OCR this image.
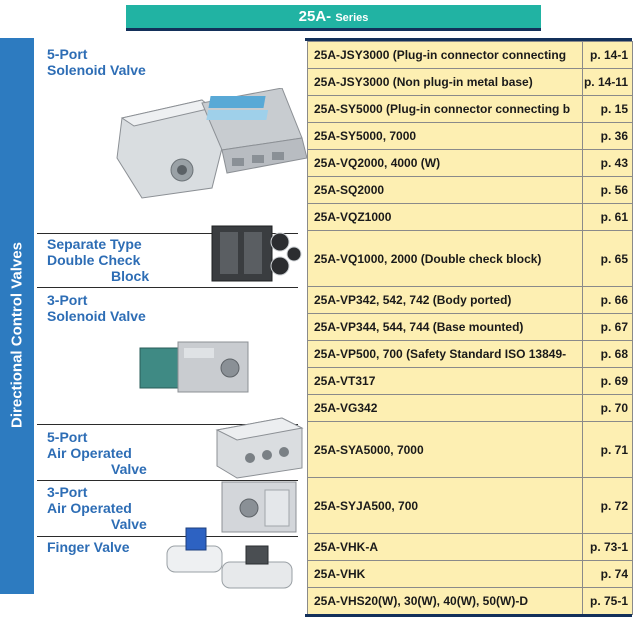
25A- Series
Directional Control Valves
5-Port
Solenoid Valve
Separate Type
Double Check

Block
3-Port
Solenoid Valve
5-Port
Air Operated

Valve
3-Port
Air Operated

Valve
Finger Valve
25A-JSY3000 (Plug-in connector connecting	p. 14-1
25A-JSY3000 (Non plug-in metal base)	p. 14-11
25A-SY5000 (Plug-in connector connecting b	p. 15
25A-SY5000, 7000	p. 36
25A-VQ2000, 4000 (W)	p. 43
25A-SQ2000	p. 56
25A-VQZ1000	p. 61
25A-VQ1000, 2000 (Double check block)	p. 65
25A-VP342, 542, 742 (Body ported)	p. 66
25A-VP344, 544, 744 (Base mounted)	p. 67
25A-VP500, 700 (Safety Standard ISO 13849-	p. 68
25A-VT317	p. 69
25A-VG342	p. 70
25A-SYA5000, 7000	p. 71
25A-SYJA500, 700	p. 72
25A-VHK-A	p. 73-1
25A-VHK	p. 74
25A-VHS20(W), 30(W), 40(W), 50(W)-D	p. 75-1
